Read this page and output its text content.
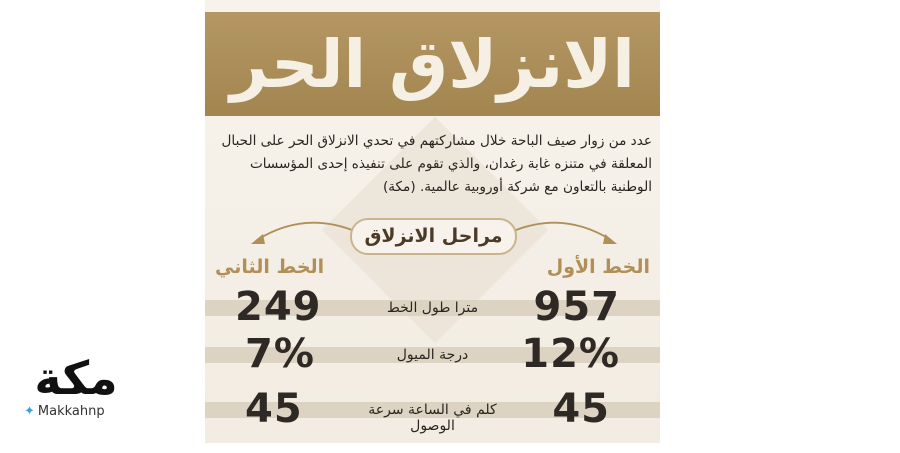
الانزلاق الحر
عدد من زوار صيف الباحة خلال مشاركتهم في تحدي الانزلاق الحر على الحبال المعلقة في متنزه غابة رغدان، والذي تقوم على تنفيذه إحدى المؤسسات الوطنية بالتعاون مع شركة أوروبية عالمية. (مكة)
مراحل الانزلاق
الخط الأول
الخط الثاني
957
مترا طول الخط
249
12%
درجة الميول
7%
45
كلم في الساعة سرعة الوصول
45
مكة
✦ Makkahnp
